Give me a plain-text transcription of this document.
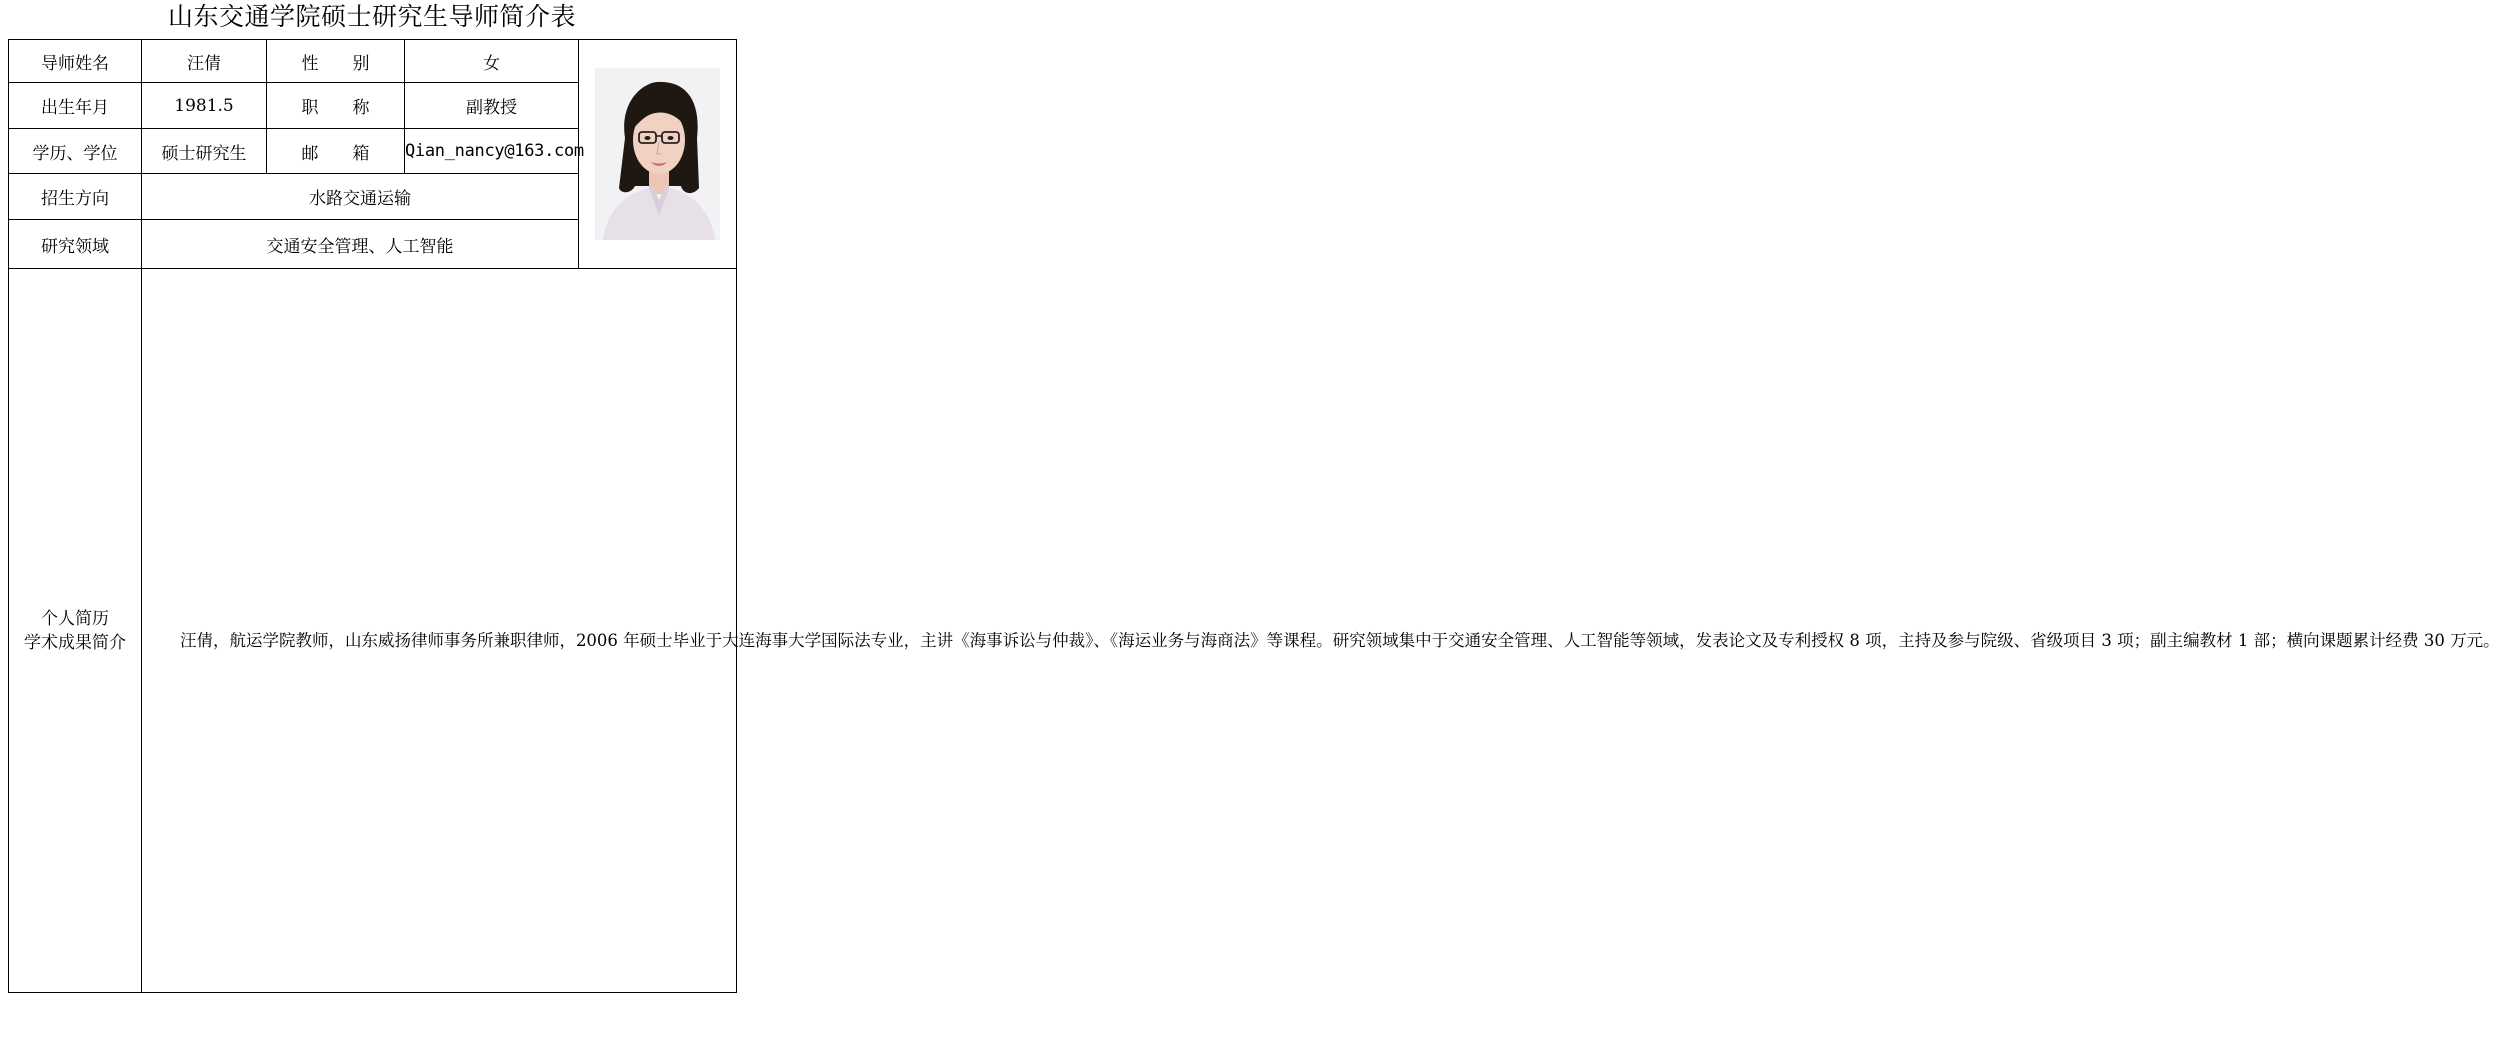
山东交通学院硕士研究生导师简介表
导师姓名	汪倩	性　　别	女	

出生年月	1981.5	职　　称	副教授	
学历、学位	硕士研究生	邮　　箱	Qian_nancy@163.com	
招生方向	水路交通运输			
研究领域	交通安全管理、人工智能			

个人简历
学术成果简介	汪倩，航运学院教师，山东威扬律师事务所兼职律师，2006 年硕士毕业于大连海事大学国际法专业，主讲《海事诉讼与仲裁》、《海运业务与海商法》等课程。研究领域集中于交通安全管理、人工智能等领域，发表论文及专利授权 8 项，主持及参与院级、省级项目 3 项；副主编教材 1 部；横向课题累计经费 30 万元。			
